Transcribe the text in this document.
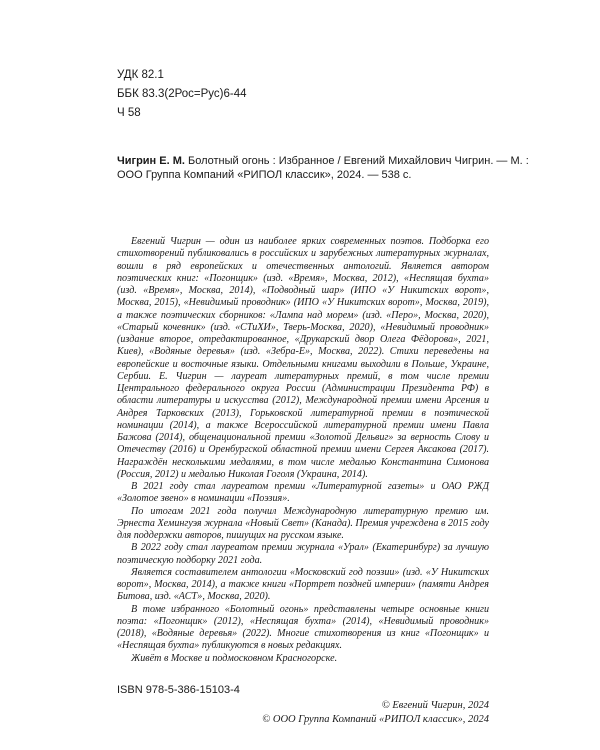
УДК 82.1
ББК 83.3(2Рос=Рус)6-44
Ч 58
Чигрин Е. М. Болотный огонь : Избранное / Евгений Михайлович Чигрин. — М. :
ООО Группа Компаний «РИПОЛ классик», 2024. — 538 с.

Евгений Чигрин — один из наиболее ярких современных поэтов. Подборка его стихотворений публиковались в российских и зарубежных литературных журналах, вошли в ряд европейских и отечественных антологий. Является автором поэтических книг: «Погонщик» (изд. «Время», Москва, 2012), «Неспящая бухта» (изд. «Время», Москва, 2014), «Подводный шар» (ИПО «У Никитских ворот», Москва, 2015), «Невидимый проводник» (ИПО «У Никитских ворот», Москва, 2019), а также поэтических сборников: «Лампа над морем» (изд. «Перо», Москва, 2020), «Старый кочевник» (изд. «СТиХИ», Тверь-Москва, 2020), «Невидимый проводник» (издание второе, отредактированное, «Друкарский двор Олега Фёдорова», 2021, Киев), «Водяные деревья» (изд. «Зебра-Е», Москва, 2022). Стихи переведены на европейские и восточные языки. Отдельными книгами выходили в Польше, Украине, Сербии. Е. Чигрин — лауреат литературных премий, в том числе премии Центрального федерального округа России (Администрации Президента РФ) в области литературы и искусства (2012), Международной премии имени Арсения и Андрея Тарковских (2013), Горьковской литературной премии в поэтической номинации (2014), а также Всероссийской литературной премии имени Павла Бажова (2014), общенациональной премии «Золотой Дельвиг» за верность Слову и Отечеству (2016) и Оренбургской областной премии имени Сергея Аксакова (2017). Награждён несколькими медалями, в том числе медалью Константина Симонова (Россия, 2012) и медалью Николая Гоголя (Украина, 2014).

В 2021 году стал лауреатом премии «Литературной газеты» и ОАО РЖД «Золотое звено» в номинации «Поэзия».

По итогам 2021 года получил Международную литературную премию им. Эрнеста Хемингуэя журнала «Новый Свет» (Канада). Премия учреждена в 2015 году для поддержки авторов, пишущих на русском языке.

В 2022 году стал лауреатом премии журнала «Урал» (Екатеринбург) за лучшую поэтическую подборку 2021 года.

Является составителем антологии «Московский год поэзии» (изд. «У Никитских ворот», Москва, 2014), а также книги «Портрет поздней империи» (памяти Андрея Битова, изд. «АСТ», Москва, 2020).

В томе избранного «Болотный огонь» представлены четыре основные книги поэта: «Погонщик» (2012), «Неспящая бухта» (2014), «Невидимый проводник» (2018), «Водяные деревья» (2022). Многие стихотворения из книг «Погонщик» и «Неспящая бухта» публикуются в новых редакциях.

Живёт в Москве и подмосковном Красногорске.

ISBN 978-5-386-15103-4
© Евгений Чигрин, 2024
© ООО Группа Компаний «РИПОЛ классик», 2024
